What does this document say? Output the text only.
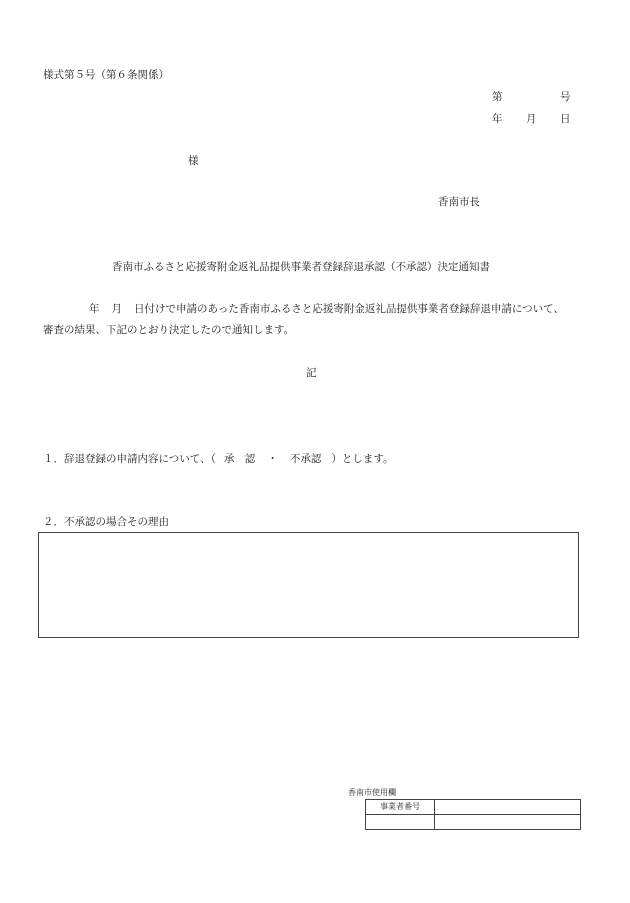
様式第５号（第６条関係）
第	号
年 月 日
様
香南市長
香南市ふるさと応援寄附金返礼品提供事業者登録辞退承認（不承認）決定通知書
年 月 日付けで申請のあった香南市ふるさと応援寄附金返礼品提供事業者登録辞退申請について、
審査の結果、下記のとおり決定したので通知します。
記
１．辞退登録の申請内容について、（ 承　認 ・ 不承認 ）とします。
２．不承認の場合その理由
香南市使用欄
事業者番号	
